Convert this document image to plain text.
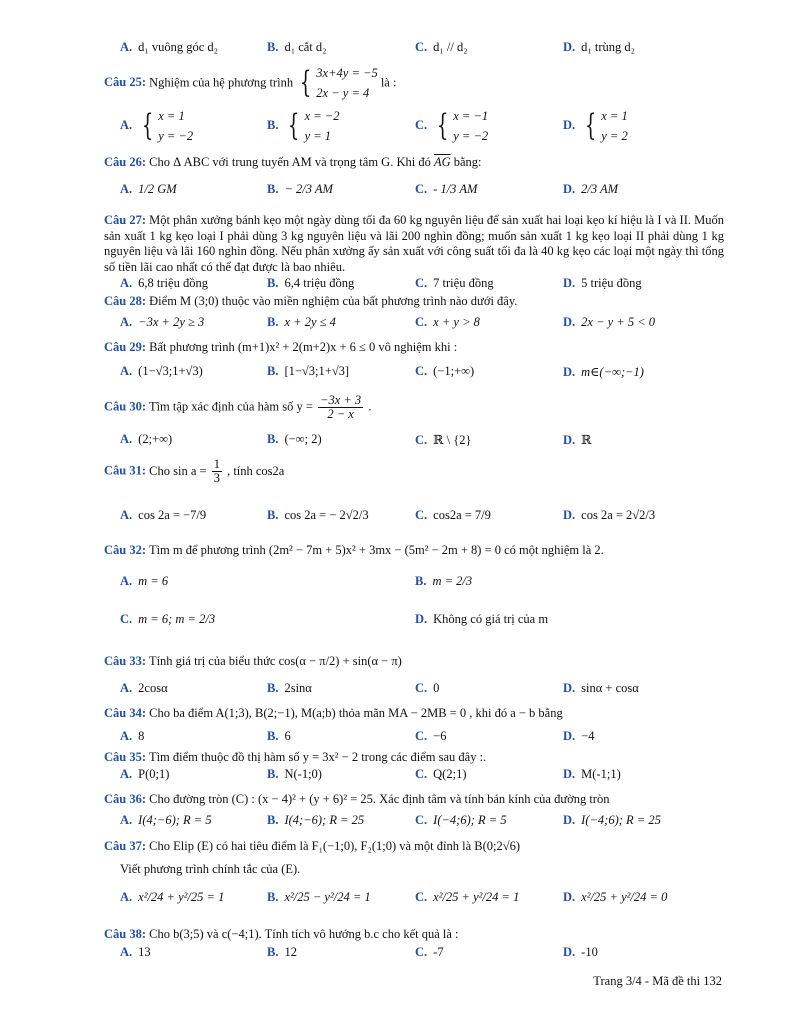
A. d₁ vuông góc d₂	B. d₁ cắt d₂	C. d₁ // d₂	D. d₁ trùng d₂
Câu 25: Nghiệm của hệ phương trình { 3x+4y = −5
2x − y = 4
là :
A. { x = 1
y = −2
B. { x = −2
y = 1
C. { x = −1
y = −2
D. { x = 1
y = 2
Câu 26: Cho Δ ABC với trung tuyến AM và trọng tâm G. Khi đó $\overline{AG}$ bằng:
A. 1/2 GM	B. − 2/3 AM	C. - 1/3 AM	D. 2/3 AM
Câu 27: Một phân xưởng bánh kẹo một ngày dùng tối đa 60 kg nguyên liệu để sản xuất hai loại kẹo kí hiệu là I và II. Muốn sản xuất 1 kg kẹo loại I phải dùng 3 kg nguyên liệu và lãi 200 nghìn đồng; muốn sản xuất 1 kg kẹo loại II phải dùng 1 kg nguyên liệu và lãi 160 nghìn đồng. Nếu phân xưởng ấy sản xuất với công suất tối đa là 40 kg kẹo các loại một ngày thì tổng số tiền lãi cao nhất có thể đạt được là bao nhiêu.
A. 6,8 triệu đồng	B. 6,4 triệu đồng	C. 7 triệu đồng	D. 5 triệu đồng
Câu 28: Điểm M (3;0) thuộc vào miền nghiệm của bất phương trình nào dưới đây.
A. −3x + 2y ≥ 3	B. x + 2y ≤ 4	C. x + y > 8	D. 2x − y + 5 < 0
Câu 29: Bất phương trình (m+1)x² + 2(m+2)x + 6 ≤ 0 vô nghiệm khi :
A. (1−√3;1+√3)	B. [1−√3;1+√3]	C. (−1;+∞)	D. m∈(−∞;−1)
Câu 30: Tìm tập xác định của hàm số $y = \frac{-3x + 3}{2 - x}$ .
A. (2;+∞)	B. (−∞; 2)	C. ℝ \ {2}	D. ℝ
Câu 31: Cho $\sin a = \frac{1}{3}$ , tính cos2a
A. cos 2a = −7/9	B. cos 2a = − 2√2/3	C. cos2a = 7/9	D. cos 2a = 2√2/3
Câu 32: Tìm m để phương trình (2m² − 7m + 5)x² + 3mx − (5m² − 2m + 8) = 0 có một nghiệm là 2.
A. m = 6	B. m = 2/3
C. m = 6; m = 2/3	D. Không có giá trị của m
Câu 33: Tính giá trị của biểu thức cos(α − π/2) + sin(α − π)
A. 2cosα	B. 2sinα	C. 0	D. sinα + cosα
Câu 34: Cho ba điểm A(1;3), B(2;−1), M(a;b) thỏa mãn MA − 2MB = 0 , khi đó a − b bằng
A. 8	B. 6	C. −6	D. −4
Câu 35: Tìm điểm thuộc đồ thị hàm số y = 3x² − 2 trong các điểm sau đây :.
A. P(0;1)	B. N(-1;0)	C. Q(2;1)	D. M(-1;1)
Câu 36: Cho đường tròn (C) : (x − 4)² + (y + 6)² = 25. Xác định tâm và tính bán kính của đường tròn
A. I(4;−6); R = 5	B. I(4;−6); R = 25	C. I(−4;6); R = 5	D. I(−4;6); R = 25
Câu 37: Cho Elip (E) có hai tiêu điểm là F₁(−1;0), F₂(1;0) và một đỉnh là B(0;2√6)
Viết phương trình chính tắc của (E).
A. x²/24 + y²/25 = 1	B. x²/25 − y²/24 = 1	C. x²/25 + y²/24 = 1	D. x²/25 + y²/24 = 0
Câu 38: Cho b(3;5) và c(−4;1). Tính tích vô hướng b.c cho kết quả là :
A. 13	B. 12	C. -7	D. -10
Trang 3/4 - Mã đề thi 132
